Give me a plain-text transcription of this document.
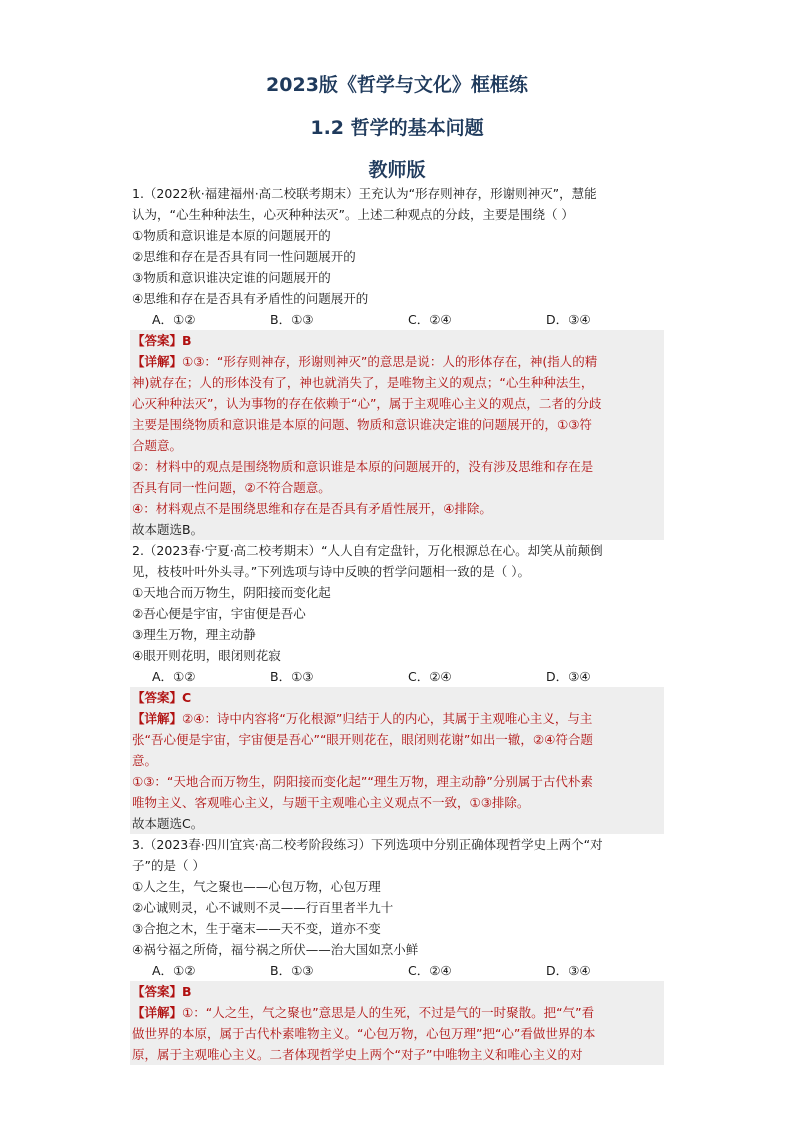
2023版《哲学与文化》框框练
1.2 哲学的基本问题
教师版
1.（2022秋·福建福州·高二校联考期末）王充认为“形存则神存，形谢则神灭”，慧能
认为，“心生种种法生，心灭种种法灭”。上述二种观点的分歧，主要是围绕（ ）
①物质和意识谁是本原的问题展开的
②思维和存在是否具有同一性问题展开的
③物质和意识谁决定谁的问题展开的
④思维和存在是否具有矛盾性的问题展开的
A．①②	B．①③	C．②④	D．③④
【答案】B
【详解】①③：“形存则神存，形谢则神灭”的意思是说：人的形体存在，神(指人的精
神)就存在；人的形体没有了，神也就消失了，是唯物主义的观点；“心生种种法生，
心灭种种法灭”，认为事物的存在依赖于“心”，属于主观唯心主义的观点，二者的分歧
主要是围绕物质和意识谁是本原的问题、物质和意识谁决定谁的问题展开的，①③符
合题意。
②：材料中的观点是围绕物质和意识谁是本原的问题展开的，没有涉及思维和存在是
否具有同一性问题，②不符合题意。
④：材料观点不是围绕思维和存在是否具有矛盾性展开，④排除。
故本题选B。
2.（2023春·宁夏·高二校考期末）“人人自有定盘针，万化根源总在心。却笑从前颠倒
见，枝枝叶叶外头寻。”下列选项与诗中反映的哲学问题相一致的是（ ）。
①天地合而万物生，阴阳接而变化起
②吾心便是宇宙，宇宙便是吾心
③理生万物，理主动静
④眼开则花明，眼闭则花寂
A．①②	B．①③	C．②④	D．③④
【答案】C
【详解】②④：诗中内容将“万化根源”归结于人的内心，其属于主观唯心主义，与主
张“吾心便是宇宙，宇宙便是吾心”“眼开则花在，眼闭则花谢”如出一辙，②④符合题
意。
①③：“天地合而万物生，阴阳接而变化起”“理生万物，理主动静”分别属于古代朴素
唯物主义、客观唯心主义，与题干主观唯心主义观点不一致，①③排除。
故本题选C。
3.（2023春·四川宜宾·高二校考阶段练习）下列选项中分别正确体现哲学史上两个“对
子”的是（ ）
①人之生，气之聚也——心包万物，心包万理
②心诚则灵，心不诚则不灵——行百里者半九十
③合抱之木，生于毫末——天不变，道亦不变
④祸兮福之所倚，福兮祸之所伏——治大国如烹小鲜
A．①②	B．①③	C．②④	D．③④
【答案】B
【详解】①：“人之生，气之聚也”意思是人的生死，不过是气的一时聚散。把“气”看
做世界的本原，属于古代朴素唯物主义。“心包万物，心包万理”把“心”看做世界的本
原，属于主观唯心主义。二者体现哲学史上两个“对子”中唯物主义和唯心主义的对
